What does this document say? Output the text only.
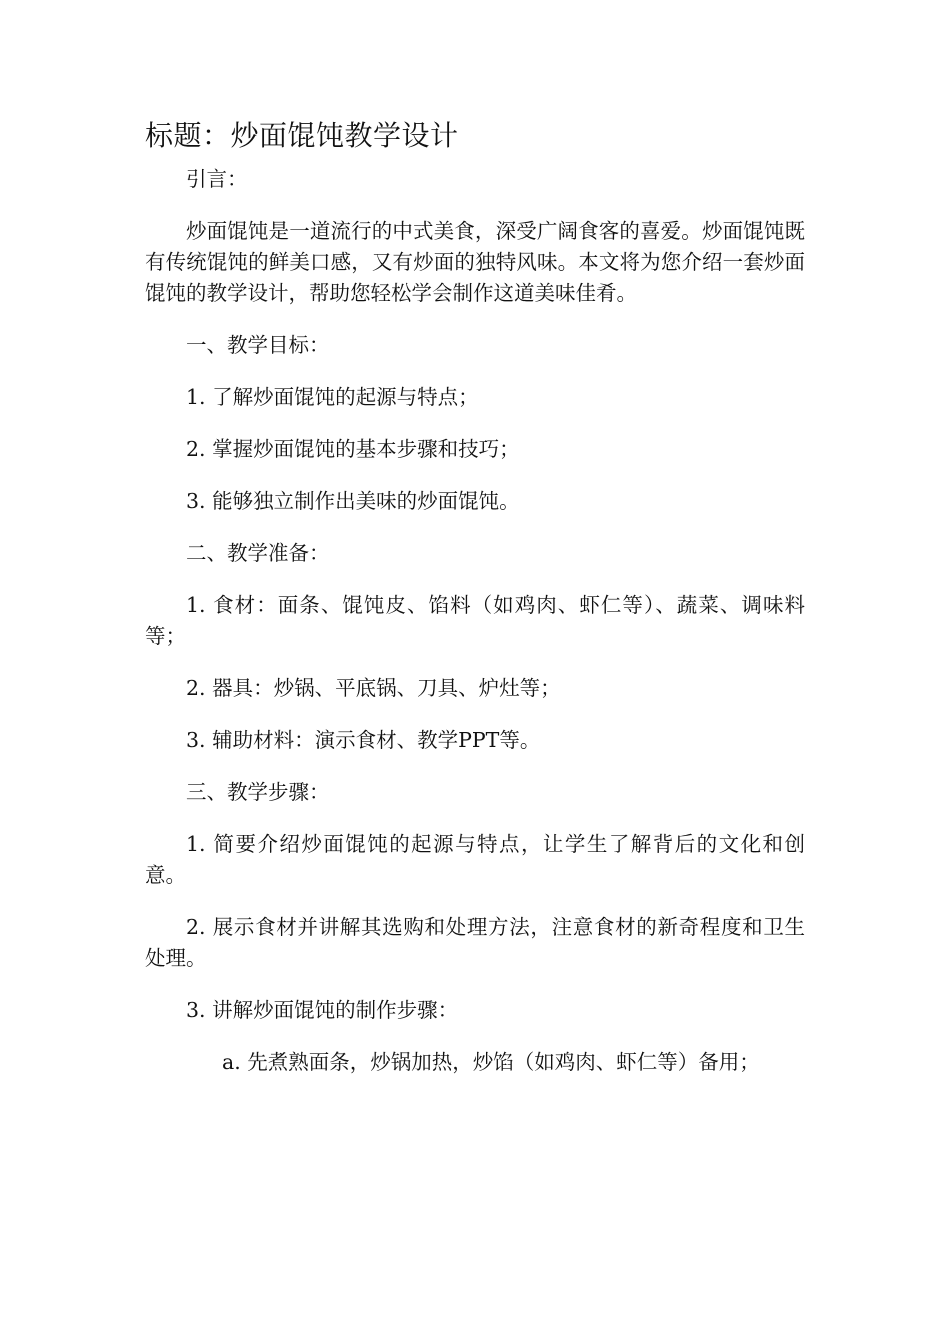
标题：炒面馄饨教学设计

引言：

炒面馄饨是一道流行的中式美食，深受广阔食客的喜爱。炒面馄饨既有传统馄饨的鲜美口感，又有炒面的独特风味。本文将为您介绍一套炒面馄饨的教学设计，帮助您轻松学会制作这道美味佳肴。

一、教学目标：

1. 了解炒面馄饨的起源与特点；

2. 掌握炒面馄饨的基本步骤和技巧；

3. 能够独立制作出美味的炒面馄饨。

二、教学准备：

1. 食材：面条、馄饨皮、馅料（如鸡肉、虾仁等）、蔬菜、调味料等；

2. 器具：炒锅、平底锅、刀具、炉灶等；

3. 辅助材料：演示食材、教学PPT等。

三、教学步骤：

1. 简要介绍炒面馄饨的起源与特点，让学生了解背后的文化和创意。

2. 展示食材并讲解其选购和处理方法，注意食材的新奇程度和卫生处理。

3. 讲解炒面馄饨的制作步骤：

a. 先煮熟面条，炒锅加热，炒馅（如鸡肉、虾仁等）备用；
